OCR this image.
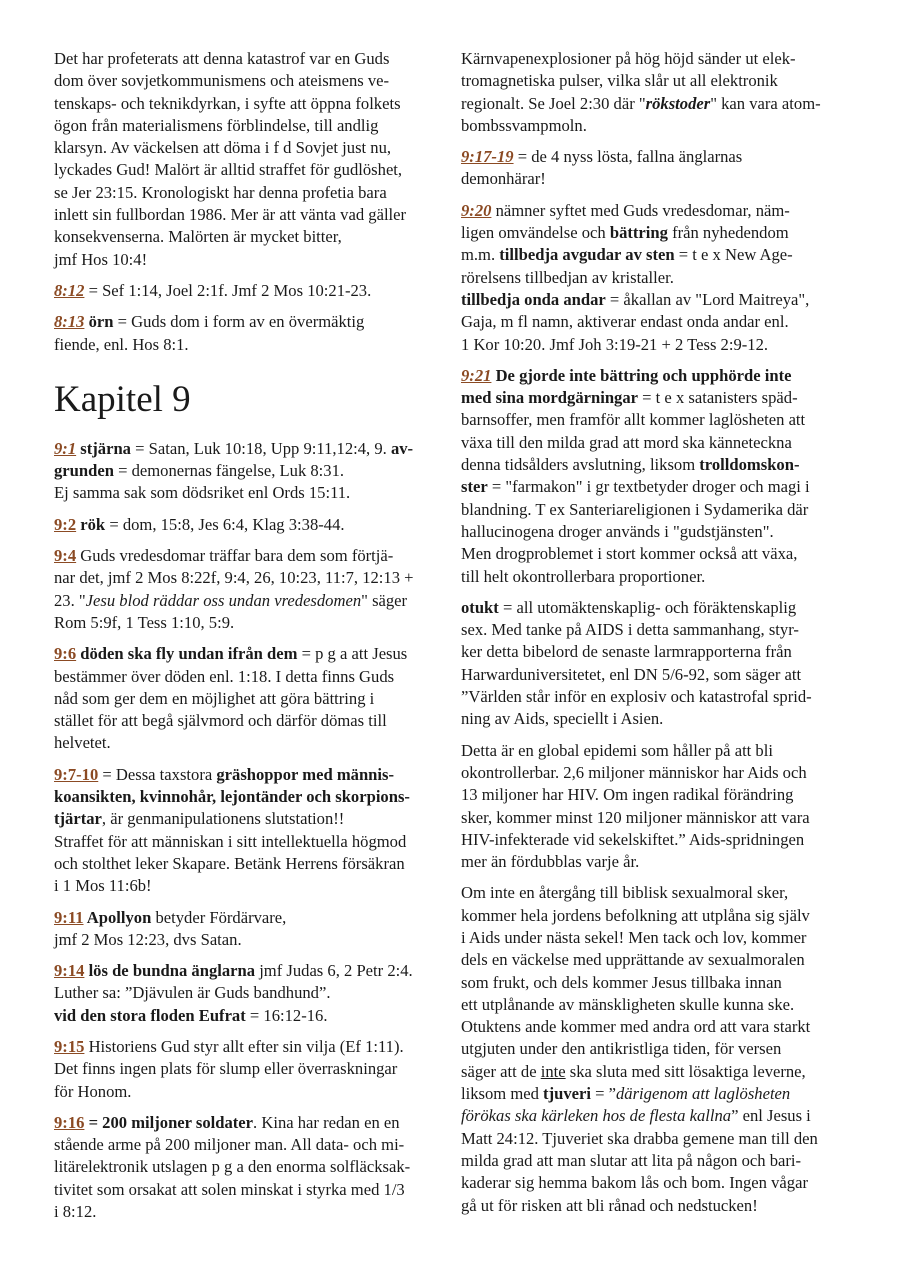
Det har profeterats att denna katastrof var en Guds
dom över sovjetkommunismens och ateismens ve-
tenskaps- och teknikdyrkan, i syfte att öppna folkets
ögon från materialismens förblindelse, till andlig
klarsyn. Av väckelsen att döma i f d Sovjet just nu,
lyckades Gud! Malört är alltid straffet för gudlöshet,
se Jer 23:15. Kronologiskt har denna profetia bara
inlett sin fullbordan 1986. Mer är att vänta vad gäller
konsekvenserna. Malörten är mycket bitter,
jmf Hos 10:4!

8:12 = Sef 1:14, Joel 2:1f. Jmf 2 Mos 10:21-23.

8:13 örn = Guds dom i form av en övermäktig
fiende, enl. Hos 8:1.

Kapitel 9

9:1 stjärna = Satan, Luk 10:18, Upp 9:11,12:4, 9. av-
grunden = demonernas fängelse, Luk 8:31.
Ej samma sak som dödsriket enl Ords 15:11.

9:2 rök = dom, 15:8, Jes 6:4, Klag 3:38-44.

9:4 Guds vredesdomar träffar bara dem som förtjä-
nar det, jmf 2 Mos 8:22f, 9:4, 26, 10:23, 11:7, 12:13 +
23. "Jesu blod räddar oss undan vredesdomen" säger
Rom 5:9f, 1 Tess 1:10, 5:9.

9:6 döden ska fly undan ifrån dem = p g a att Jesus
bestämmer över döden enl. 1:18. I detta finns Guds
nåd som ger dem en möjlighet att göra bättring i
stället för att begå självmord och därför dömas till
helvetet.

9:7-10 = Dessa taxstora gräshoppor med männis-
koansikten, kvinnohår, lejontänder och skorpions-
tjärtar, är genmanipulationens slutstation!!
Straffet för att människan i sitt intellektuella högmod
och stolthet leker Skapare. Betänk Herrens försäkran
i 1 Mos 11:6b!

9:11 Apollyon betyder Fördärvare,
jmf 2 Mos 12:23, dvs Satan.

9:14 lös de bundna änglarna jmf Judas 6, 2 Petr 2:4.
Luther sa: ”Djävulen är Guds bandhund”.
vid den stora floden Eufrat = 16:12-16.

9:15 Historiens Gud styr allt efter sin vilja (Ef 1:11).
Det finns ingen plats för slump eller överraskningar
för Honom.

9:16 = 200 miljoner soldater. Kina har redan en en
stående arme på 200 miljoner man. All data- och mi-
litärelektronik utslagen p g a den enorma solfläcksak-
tivitet som orsakat att solen minskat i styrka med 1/3
i 8:12.

Kärnvapenexplosioner på hög höjd sänder ut elek-
tromagnetiska pulser, vilka slår ut all elektronik
regionalt. Se Joel 2:30 där "rökstoder" kan vara atom-
bombssvampmoln.

9:17-19 = de 4 nyss lösta, fallna änglarnas
demonhärar!

9:20 nämner syftet med Guds vredesdomar, näm-
ligen omvändelse och bättring från nyhedendom
m.m. tillbedja avgudar av sten = t e x New Age-
rörelsens tillbedjan av kristaller.
tillbedja onda andar = åkallan av "Lord Maitreya",
Gaja, m fl namn, aktiverar endast onda andar enl.
1 Kor 10:20. Jmf Joh 3:19-21 + 2 Tess 2:9-12.

9:21 De gjorde inte bättring och upphörde inte
med sina mordgärningar = t e x satanisters späd-
barnsoffer, men framför allt kommer laglösheten att
växa till den milda grad att mord ska känneteckna
denna tidsålders avslutning, liksom trolldomskon-
ster = "farmakon" i gr textbetyder droger och magi i
blandning. T ex Santeriareligionen i Sydamerika där
hallucinogena droger används i "gudstjänsten".
Men drogproblemet i stort kommer också att växa,
till helt okontrollerbara proportioner.

otukt = all utomäktenskaplig- och föräktenskaplig
sex. Med tanke på AIDS i detta sammanhang, styr-
ker detta bibelord de senaste larmrapporterna från
Harwarduniversitetet, enl DN 5/6-92, som säger att
”Världen står inför en explosiv och katastrofal sprid-
ning av Aids, speciellt i Asien.

Detta är en global epidemi som håller på att bli
okontrollerbar. 2,6 miljoner människor har Aids och
13 miljoner har HIV. Om ingen radikal förändring
sker, kommer minst 120 miljoner människor att vara
HIV-infekterade vid sekelskiftet.” Aids-spridningen
mer än fördubblas varje år.

Om inte en återgång till biblisk sexualmoral sker,
kommer hela jordens befolkning att utplåna sig själv
i Aids under nästa sekel! Men tack och lov, kommer
dels en väckelse med upprättande av sexualmoralen
som frukt, och dels kommer Jesus tillbaka innan
ett utplånande av mänskligheten skulle kunna ske.
Otuktens ande kommer med andra ord att vara starkt
utgjuten under den antikristliga tiden, för versen
säger att de inte ska sluta med sitt lösaktiga leverne,
liksom med tjuveri = ”därigenom att laglösheten
förökas ska kärleken hos de flesta kallna” enl Jesus i
Matt 24:12. Tjuveriet ska drabba gemene man till den
milda grad att man slutar att lita på någon och bari-
kaderar sig hemma bakom lås och bom. Ingen vågar
gå ut för risken att bli rånad och nedstucken!
